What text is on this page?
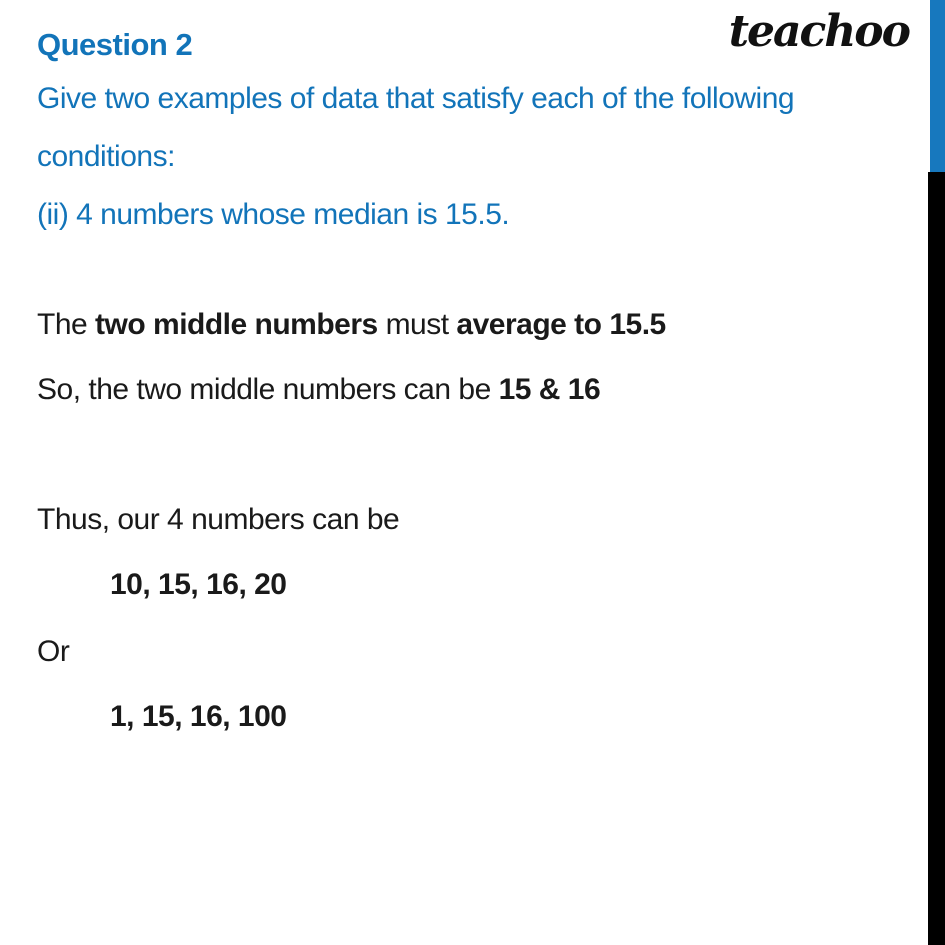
teachoo
Question 2
Give two examples of data that satisfy each of the following
conditions:
(ii) 4 numbers whose median is 15.5.
The two middle numbers must average to 15.5
So, the two middle numbers can be 15 & 16
Thus, our 4 numbers can be
10, 15, 16, 20
Or
1, 15, 16, 100
